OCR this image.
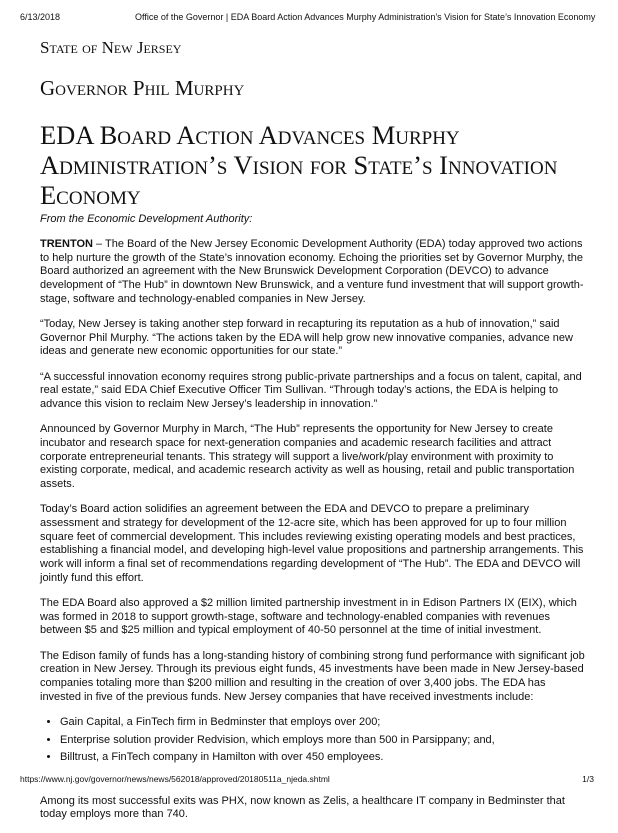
6/13/2018	Office of the Governor | EDA Board Action Advances Murphy Administration’s Vision for State’s Innovation Economy
State of New Jersey
Governor Phil Murphy
EDA Board Action Advances Murphy Administration’s Vision for State’s Innovation Economy
From the Economic Development Authority:

TRENTON – The Board of the New Jersey Economic Development Authority (EDA) today approved two actions to help nurture the growth of the State’s innovation economy. Echoing the priorities set by Governor Murphy, the Board authorized an agreement with the New Brunswick Development Corporation (DEVCO) to advance development of “The Hub” in downtown New Brunswick, and a venture fund investment that will support growth-stage, software and technology-enabled companies in New Jersey.

“Today, New Jersey is taking another step forward in recapturing its reputation as a hub of innovation,” said Governor Phil Murphy. “The actions taken by the EDA will help grow new innovative companies, advance new ideas and generate new economic opportunities for our state.”

“A successful innovation economy requires strong public-private partnerships and a focus on talent, capital, and real estate,” said EDA Chief Executive Officer Tim Sullivan. “Through today’s actions, the EDA is helping to advance this vision to reclaim New Jersey’s leadership in innovation.”

Announced by Governor Murphy in March, “The Hub” represents the opportunity for New Jersey to create incubator and research space for next-generation companies and academic research facilities and attract corporate entrepreneurial tenants. This strategy will support a live/work/play environment with proximity to existing corporate, medical, and academic research activity as well as housing, retail and public transportation assets.

Today’s Board action solidifies an agreement between the EDA and DEVCO to prepare a preliminary assessment and strategy for development of the 12-acre site, which has been approved for up to four million square feet of commercial development. This includes reviewing existing operating models and best practices, establishing a financial model, and developing high-level value propositions and partnership arrangements. This work will inform a final set of recommendations regarding development of “The Hub”. The EDA and DEVCO will jointly fund this effort.

The EDA Board also approved a $2 million limited partnership investment in in Edison Partners IX (EIX), which was formed in 2018 to support growth-stage, software and technology-enabled companies with revenues between $5 and $25 million and typical employment of 40-50 personnel at the time of initial investment.

The Edison family of funds has a long-standing history of combining strong fund performance with significant job creation in New Jersey. Through its previous eight funds, 45 investments have been made in New Jersey-based companies totaling more than $200 million and resulting in the creation of over 3,400 jobs. The EDA has invested in five of the previous funds. New Jersey companies that have received investments include:

• Gain Capital, a FinTech firm in Bedminster that employs over 200;
• Enterprise solution provider Redvision, which employs more than 500 in Parsippany; and,
• Billtrust, a FinTech company in Hamilton with over 450 employees.

Among its most successful exits was PHX, now known as Zelis, a healthcare IT company in Bedminster that today employs more than 740.

https://www.nj.gov/governor/news/news/562018/approved/20180511a_njeda.shtml	1/3
